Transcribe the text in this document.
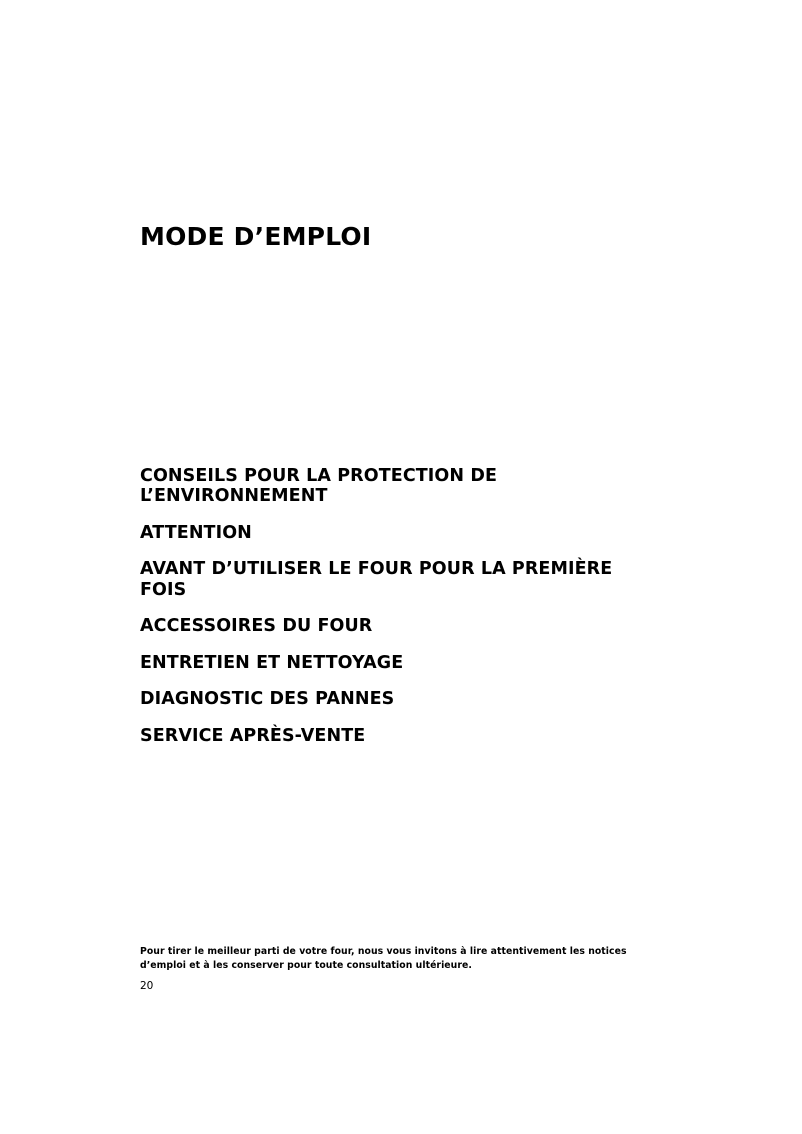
MODE D’EMPLOI
CONSEILS POUR LA PROTECTION DE L’ENVIRONNEMENT
ATTENTION
AVANT D’UTILISER LE FOUR POUR LA PREMIÈRE FOIS
ACCESSOIRES DU FOUR
ENTRETIEN ET NETTOYAGE
DIAGNOSTIC DES PANNES
SERVICE APRÈS-VENTE

Pour tirer le meilleur parti de votre four, nous vous invitons à lire attentivement les notices d’emploi et à les conserver pour toute consultation ultérieure.

20
